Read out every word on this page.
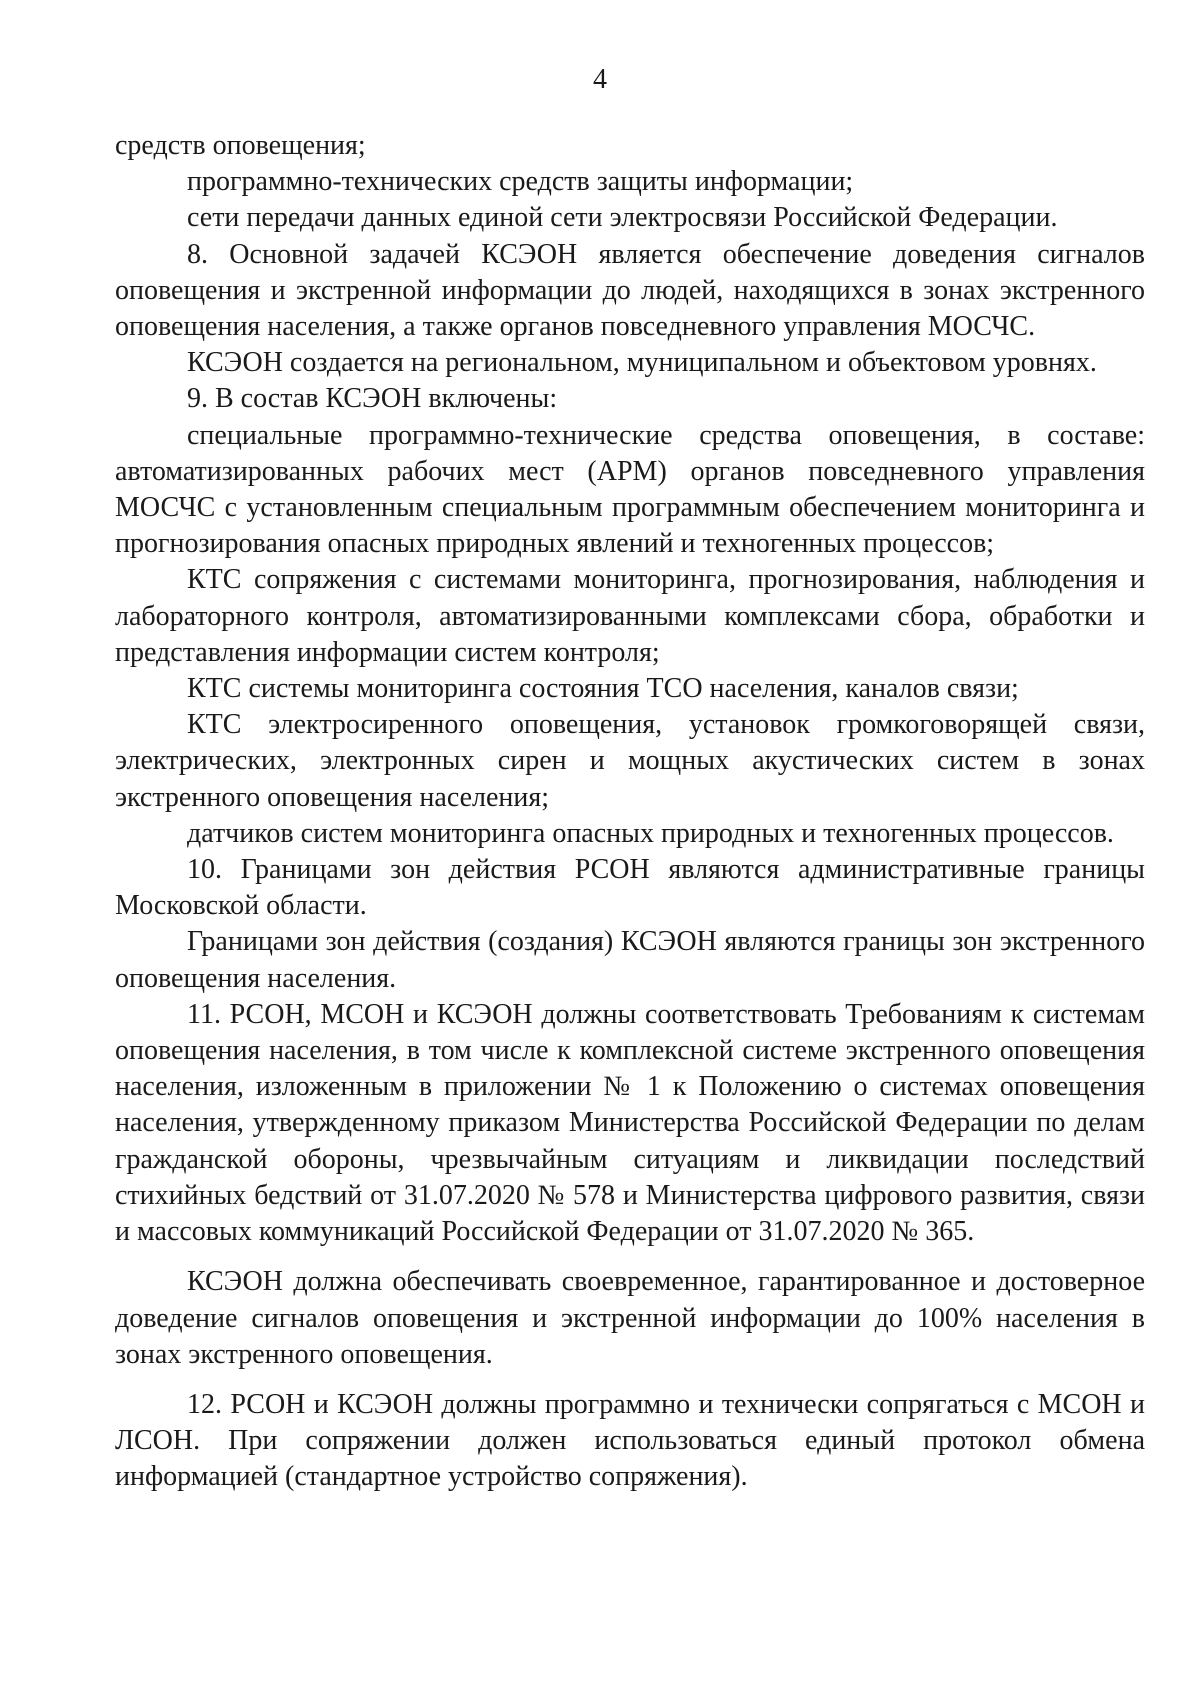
4

средств оповещения;

программно-технических средств защиты информации;

сети передачи данных единой сети электросвязи Российской Федерации.

8. Основной задачей КСЭОН является обеспечение доведения сигналов оповещения и экстренной информации до людей, находящихся в зонах экстренного оповещения населения, а также органов повседневного управления МОСЧС.

КСЭОН создается на региональном, муниципальном и объектовом уровнях.

9. В состав КСЭОН включены:

специальные программно-технические средства оповещения, в составе: автоматизированных рабочих мест (АРМ) органов повседневного управления МОСЧС с установленным специальным программным обеспечением мониторинга и прогнозирования опасных природных явлений и техногенных процессов;

КТС сопряжения с системами мониторинга, прогнозирования, наблюдения и лабораторного контроля, автоматизированными комплексами сбора, обработки и представления информации систем контроля;

КТС системы мониторинга состояния ТСО населения, каналов связи;

КТС электросиренного оповещения, установок громкоговорящей связи, электрических, электронных сирен и мощных акустических систем в зонах экстренного оповещения населения;

датчиков систем мониторинга опасных природных и техногенных процессов.

10. Границами зон действия РСОН являются административные границы Московской области.

Границами зон действия (создания) КСЭОН являются границы зон экстренного оповещения населения.

11. РСОН, МСОН и КСЭОН должны соответствовать Требованиям к системам оповещения населения, в том числе к комплексной системе экстренного оповещения населения, изложенным в приложении № 1 к Положению о системах оповещения населения, утвержденному приказом Министерства Российской Федерации по делам гражданской обороны, чрезвычайным ситуациям и ликвидации последствий стихийных бедствий от 31.07.2020 № 578 и Министерства цифрового развития, связи и массовых коммуникаций Российской Федерации от 31.07.2020 № 365.

КСЭОН должна обеспечивать своевременное, гарантированное и достоверное доведение сигналов оповещения и экстренной информации до 100% населения в зонах экстренного оповещения.

12. РСОН и КСЭОН должны программно и технически сопрягаться с МСОН и ЛСОН. При сопряжении должен использоваться единый протокол обмена информацией (стандартное устройство сопряжения).
